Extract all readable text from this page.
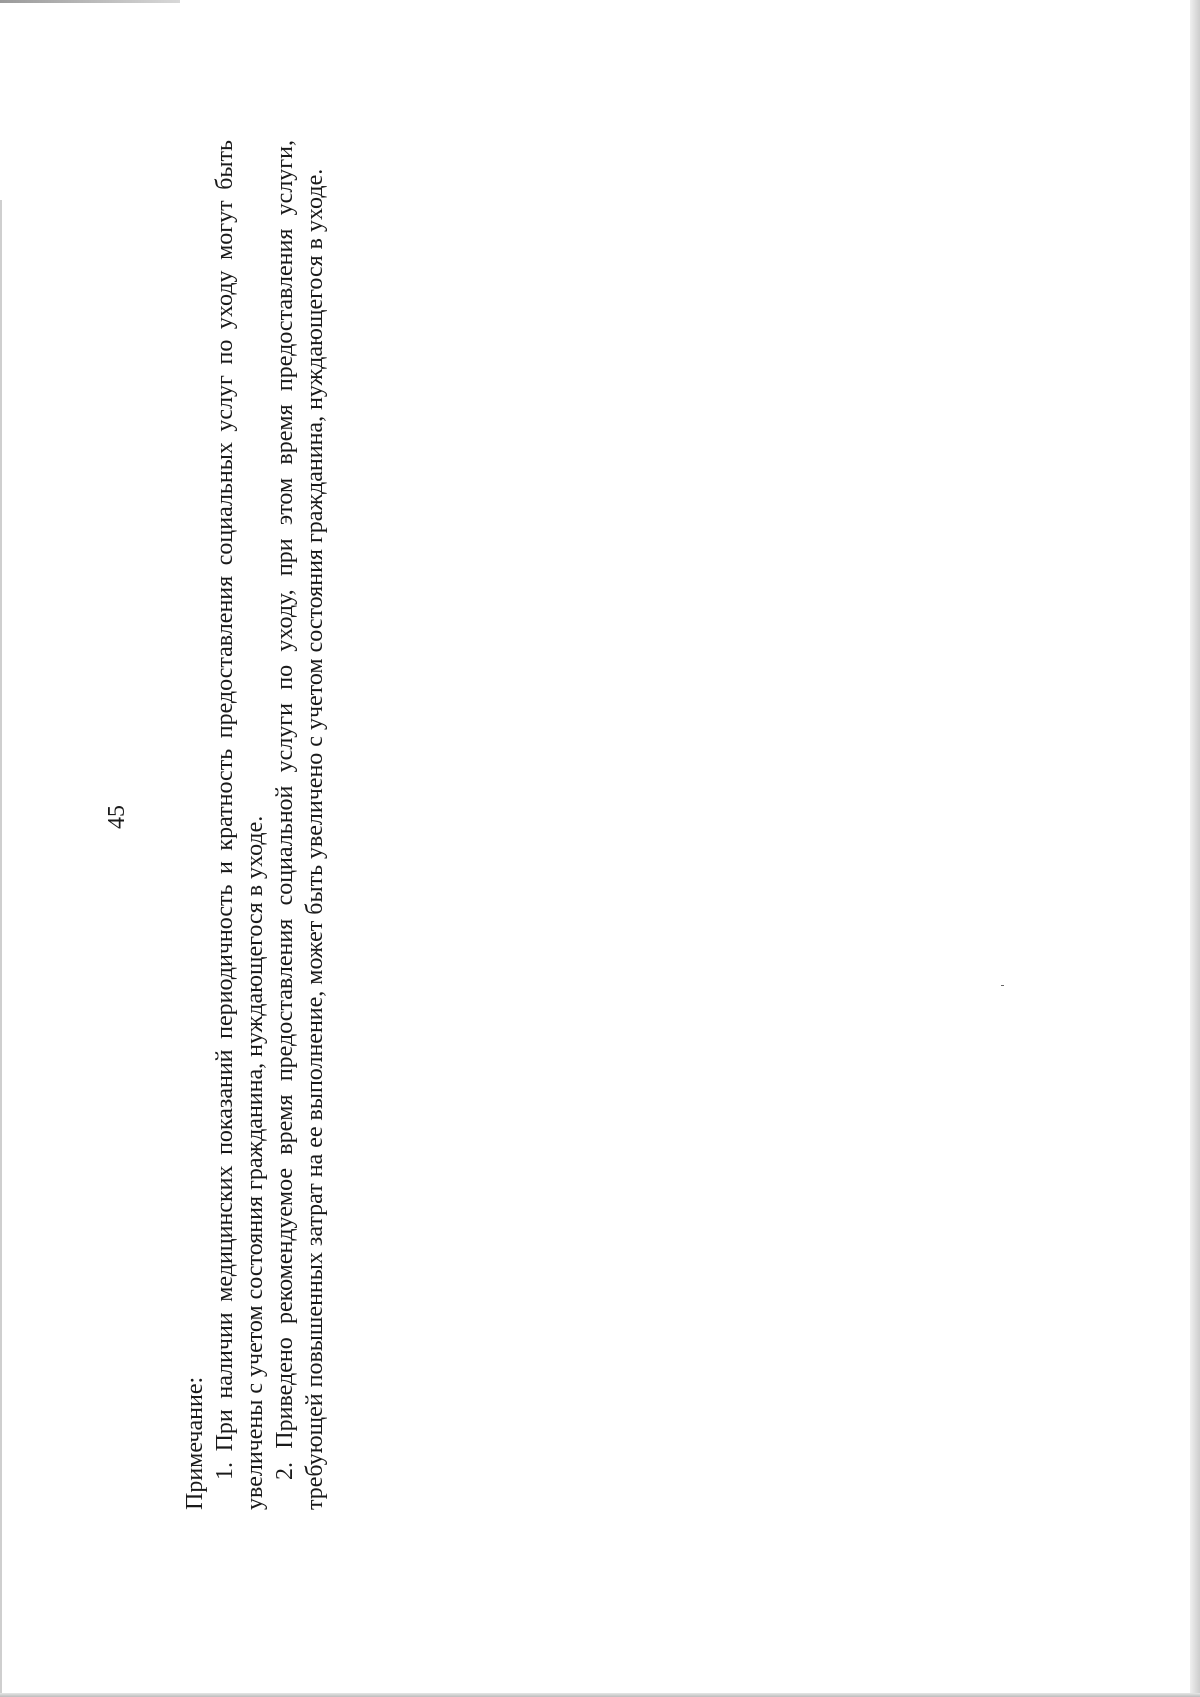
45

Примечание: 1. При наличии медицинских показаний периодичность и кратность предоставления социальных услуг по уходу могут быть увеличены с учетом состояния гражданина, нуждающегося в уходе. 2. Приведено рекомендуемое время предоставления социальной услуги по уходу, при этом время предоставления услуги, требующей повышенных затрат на ее выполнение, может быть увеличено с учетом состояния гражданина, нуждающегося в уходе.
